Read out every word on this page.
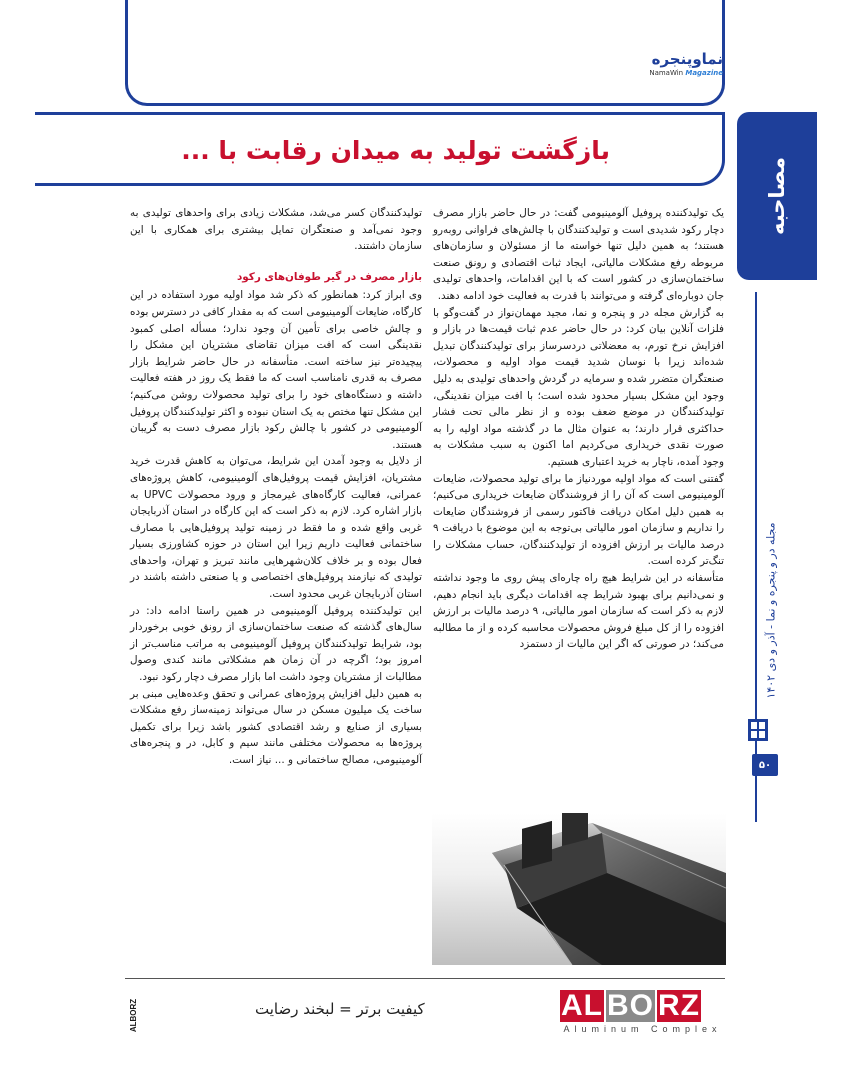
نماوپنجره
NamaWin Magazine
بازگشت تولید به میدان رقابت با ...
مصاحبه
مجله در و پنجره و نما - آذر و دی ۱۴۰۲
۵۰

یک تولیدکننده پروفیل آلومینیومی گفت: در حال حاضر بازار مصرف دچار رکود شدیدی است و تولیدکنندگان با چالش‌های فراوانی روبه‌رو هستند؛ به همین دلیل تنها خواسته ما از مسئولان و سازمان‌های مربوطه رفع مشکلات مالیاتی، ایجاد ثبات اقتصادی و رونق صنعت ساختمان‌سازی در کشور است که با این اقدامات، واحدهای تولیدی جان دوباره‌ای گرفته و می‌توانند با قدرت به فعالیت خود ادامه دهند.

به گزارش مجله در و پنجره و نما، مجید مهمان‌نواز در گفت‌وگو با فلزات آنلاین بیان کرد: در حال حاضر عدم ثبات قیمت‌ها در بازار و افزایش نرخ تورم، به معضلاتی دردسرساز برای تولیدکنندگان تبدیل شده‌اند زیرا با نوسان شدید قیمت مواد اولیه و محصولات، صنعتگران متضرر شده و سرمایه در گردش واحدهای تولیدی به دلیل وجود این مشکل بسیار محدود شده است؛ با افت میزان نقدینگی، تولیدکنندگان در موضع ضعف بوده و از نظر مالی تحت فشار حداکثری قرار دارند؛ به عنوان مثال ما در گذشته مواد اولیه را به صورت نقدی خریداری می‌کردیم اما اکنون به سبب مشکلات به وجود آمده، ناچار به خرید اعتباری هستیم.

گفتنی است که مواد اولیه موردنیاز ما برای تولید محصولات، ضایعات آلومینیومی است که آن را از فروشندگان ضایعات خریداری می‌کنیم؛ به همین دلیل امکان دریافت فاکتور رسمی از فروشندگان ضایعات را نداریم و سازمان امور مالیاتی بی‌توجه به این موضوع با دریافت ۹ درصد مالیات بر ارزش افزوده از تولیدکنندگان، حساب مشکلات را تنگ‌تر کرده است.

متأسفانه در این شرایط هیچ راه چاره‌ای پیش روی ما وجود نداشته و نمی‌دانیم برای بهبود شرایط چه اقدامات دیگری باید انجام دهیم، لازم به ذکر است که سازمان امور مالیاتی، ۹ درصد مالیات بر ارزش افزوده را از کل مبلغ فروش محصولات محاسبه کرده و از ما مطالبه می‌کند؛ در صورتی که اگر این مالیات از دستمزد

تولیدکنندگان کسر می‌شد، مشکلات زیادی برای واحدهای تولیدی به وجود نمی‌آمد و صنعتگران تمایل بیشتری برای همکاری با این سازمان داشتند.

بازار مصرف در گیر طوفان‌های رکود

وی ابراز کرد: همانطور که ذکر شد مواد اولیه مورد استفاده در این کارگاه، ضایعات آلومینیومی است که به مقدار کافی در دسترس بوده و چالش خاصی برای تأمین آن وجود ندارد؛ مسأله اصلی کمبود نقدینگی است که افت میزان تقاضای مشتریان این مشکل را پیچیده‌تر نیز ساخته است. متأسفانه در حال حاضر شرایط بازار مصرف به قدری نامناسب است که ما فقط یک روز در هفته فعالیت داشته و دستگاه‌های خود را برای تولید محصولات روشن می‌کنیم؛ این مشکل تنها مختص به یک استان نبوده و اکثر تولیدکنندگان پروفیل آلومینیومی در کشور با چالش رکود بازار مصرف دست به گریبان هستند.

از دلایل به وجود آمدن این شرایط، می‌توان به کاهش قدرت خرید مشتریان، افزایش قیمت پروفیل‌های آلومینیومی، کاهش پروژه‌های عمرانی، فعالیت کارگاه‌های غیرمجاز و ورود محصولات UPVC به بازار اشاره کرد. لازم به ذکر است که این کارگاه در استان آذربایجان غربی واقع شده و ما فقط در زمینه تولید پروفیل‌هایی با مصارف ساختمانی فعالیت داریم زیرا این استان در حوزه کشاورزی بسیار فعال بوده و بر خلاف کلان‌شهرهایی مانند تبریز و تهران، واحدهای تولیدی که نیازمند پروفیل‌های اختصاصی و یا صنعتی داشته باشند در استان آذربایجان غربی محدود است.

این تولیدکننده پروفیل آلومینیومی در همین راستا ادامه داد: در سال‌های گذشته که صنعت ساختمان‌سازی از رونق خوبی برخوردار بود، شرایط تولیدکنندگان پروفیل آلومینیومی به مراتب مناسب‌تر از امروز بود؛ اگرچه در آن زمان هم مشکلاتی مانند کندی وصول مطالبات از مشتریان وجود داشت اما بازار مصرف دچار رکود نبود.

به همین دلیل افزایش پروژه‌های عمرانی و تحقق وعده‌هایی مبنی بر ساخت یک میلیون مسکن در سال می‌تواند زمینه‌ساز رفع مشکلات بسیاری از صنایع و رشد اقتصادی کشور باشد زیرا برای تکمیل پروژه‌ها به محصولات مختلفی مانند سیم و کابل، در و پنجره‌های آلومینیومی، مصالح ساختمانی و ... نیاز است.

AL BO RZ
Aluminum Complex
کیفیت برتر = لبخند رضایت
ALBORZ
